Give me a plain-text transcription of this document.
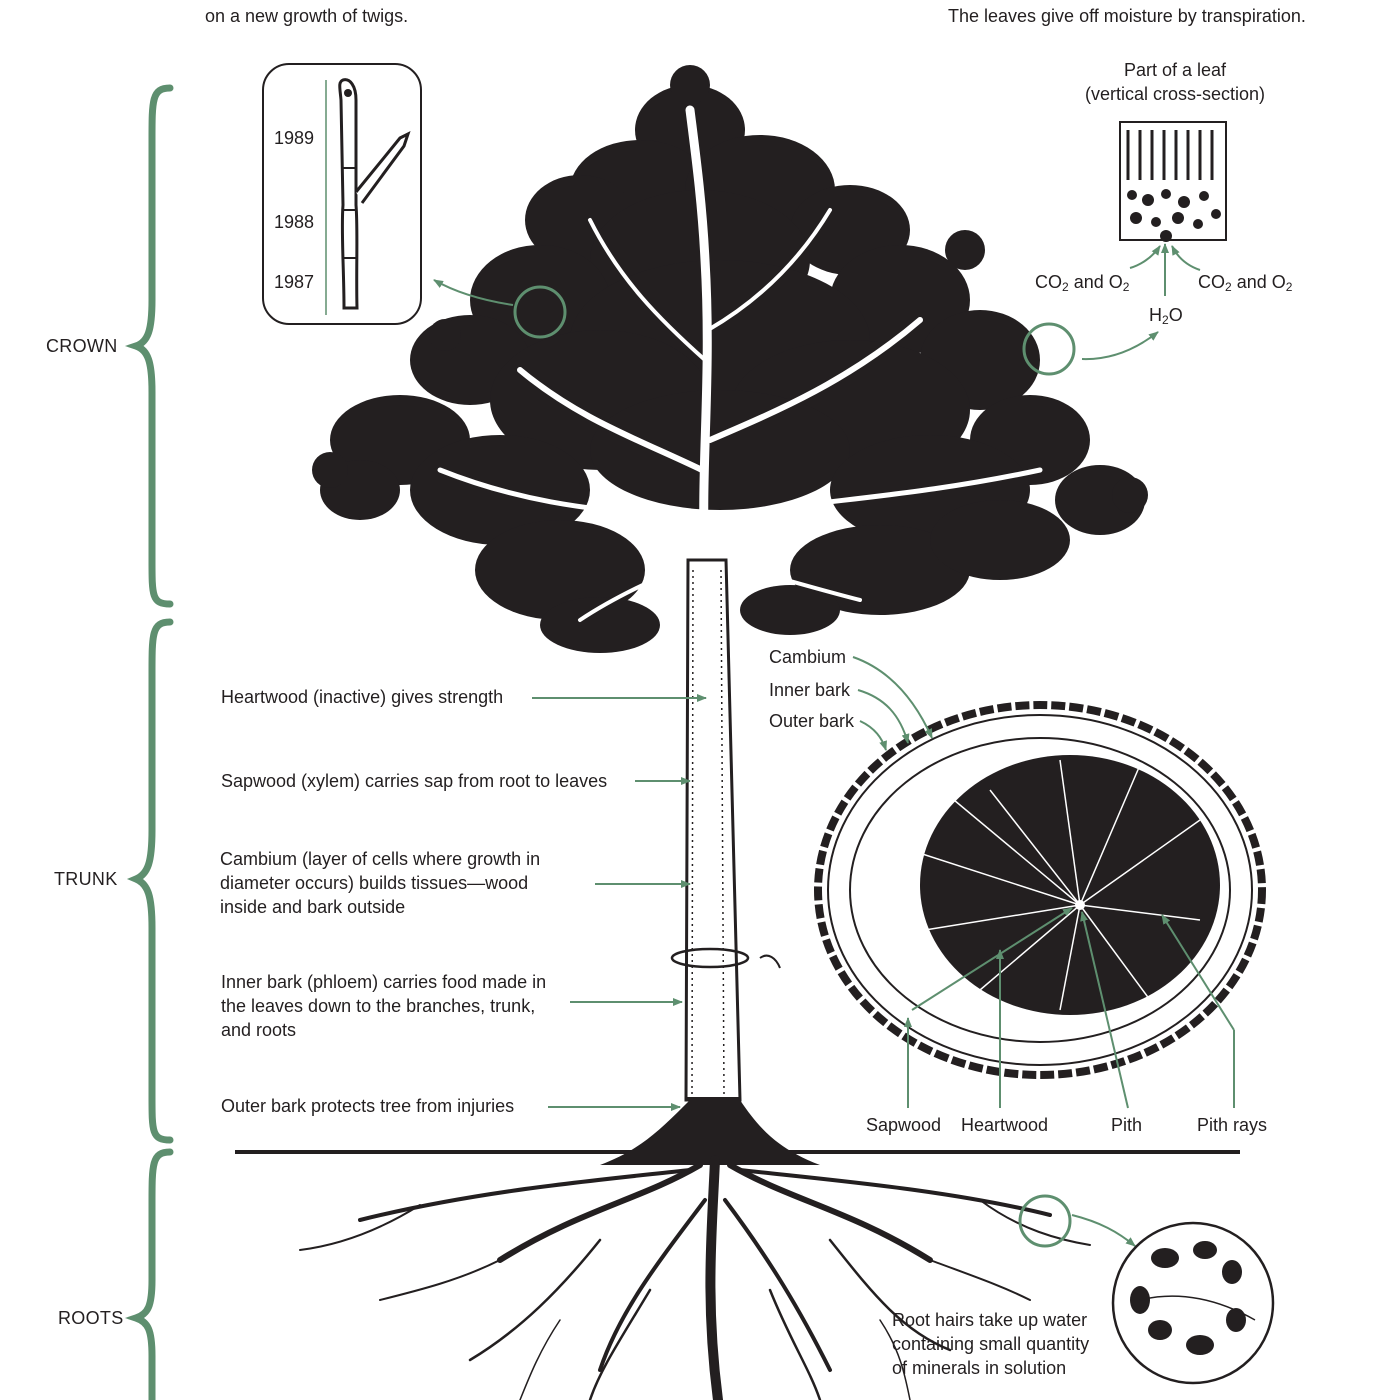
on a new growth of twigs.	The leaves give off moisture by transpiration.
CROWN
TRUNK
ROOTS
1989
1988
1987
Part of a leaf
(vertical cross-section)
$CO_2$ and $O_2$	$CO_2$ and $O_2$
$H_2O$
Heartwood (inactive) gives strength
Sapwood (xylem) carries sap from root to leaves
Cambium (layer of cells where growth in
diameter occurs) builds tissues—wood
inside and bark outside
Inner bark (phloem) carries food made in
the leaves down to the branches, trunk,
and roots
Outer bark protects tree from injuries
Cambium
Inner bark
Outer bark
Sapwood Heartwood	Pith	Pith rays
Root hairs take up water
containing small quantity
of minerals in solution
